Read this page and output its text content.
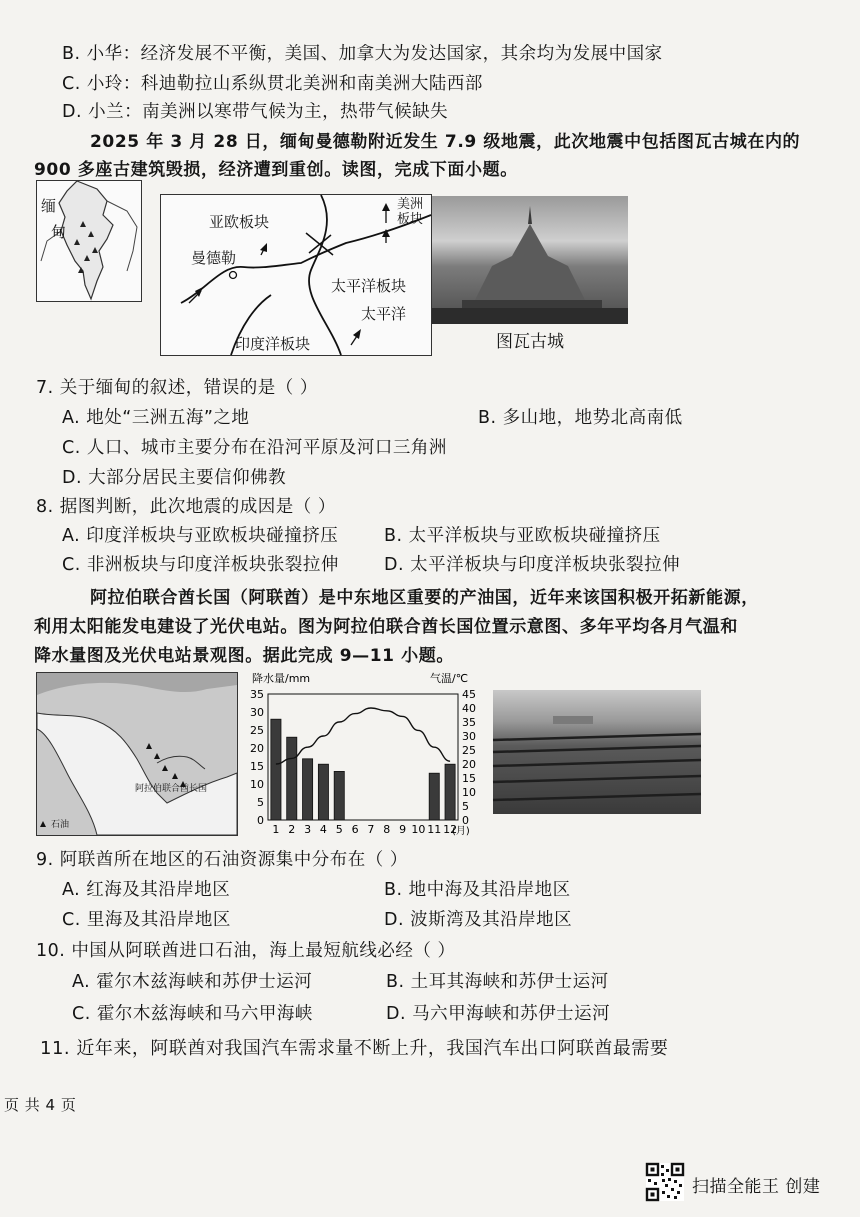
B. 小华：经济发展不平衡，美国、加拿大为发达国家，其余均为发展中国家
C. 小玲：科迪勒拉山系纵贯北美洲和南美洲大陆西部
D. 小兰：南美洲以寒带气候为主，热带气候缺失
2025 年 3 月 28 日，缅甸曼德勒附近发生 7.9 级地震，此次地震中包括图瓦古城在内的
900 多座古建筑毁损，经济遭到重创。读图，完成下面小题。
缅
甸
亚欧板块
美洲
板块
曼德勒
太平洋板块
太平洋
印度洋板块	图瓦古城
7. 关于缅甸的叙述，错误的是（ ）
A. 地处“三洲五海”之地	B. 多山地，地势北高南低
C. 人口、城市主要分布在沿河平原及河口三角洲
D. 大部分居民主要信仰佛教
8. 据图判断，此次地震的成因是（ ）
A. 印度洋板块与亚欧板块碰撞挤压	B. 太平洋板块与亚欧板块碰撞挤压
C. 非洲板块与印度洋板块张裂拉伸	D. 太平洋板块与印度洋板块张裂拉伸
阿拉伯联合酋长国（阿联酋）是中东地区重要的产油国，近年来该国积极开拓新能源，
利用太阳能发电建设了光伏电站。图为阿拉伯联合酋长国位置示意图、多年平均各月气温和
降水量图及光伏电站景观图。据此完成 9—11 小题。
阿拉伯联合酋长国
石油
降水量/mm	气温/℃
0
5
10
15
20
25
30
35
0
5
10
15
20
25
30
35
40
45
1 2 3 4 5 6 7 8 9 10 11 12
(月)
9. 阿联酋所在地区的石油资源集中分布在（ ）
A. 红海及其沿岸地区	B. 地中海及其沿岸地区
C. 里海及其沿岸地区	D. 波斯湾及其沿岸地区
10. 中国从阿联酋进口石油，海上最短航线必经（ ）
A. 霍尔木兹海峡和苏伊士运河	B. 土耳其海峡和苏伊士运河
C. 霍尔木兹海峡和马六甲海峡	D. 马六甲海峡和苏伊士运河
11. 近年来，阿联酋对我国汽车需求量不断上升，我国汽车出口阿联酋最需要
页 共 4 页
扫描全能王 创建
